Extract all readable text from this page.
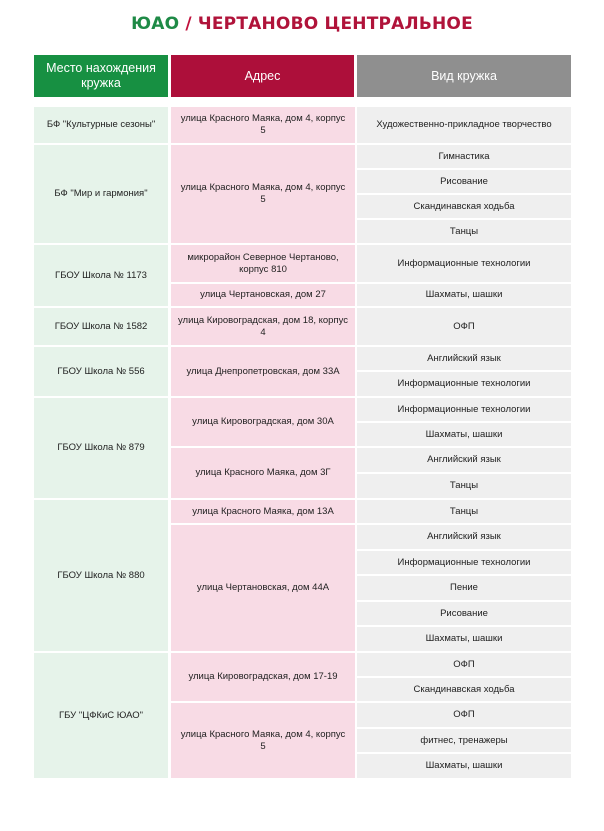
ЮАО / ЧЕРТАНОВО ЦЕНТРАЛЬНОЕ
Место нахождения кружка
Адрес	Вид кружка
БФ "Культурные сезоны"
БФ "Мир и гармония"
ГБОУ Школа № 1173
ГБОУ Школа № 1582
ГБОУ Школа № 556
ГБОУ Школа № 879
ГБОУ Школа № 880
ГБУ "ЦФКиС ЮАО"
улица Красного Маяка, дом 4, корпус 5
улица Красного Маяка, дом 4, корпус 5
микрорайон Северное Чертаново, корпус 810
улица Чертановская, дом 27
улица Кировоградская, дом 18, корпус 4
улица Днепропетровская, дом 33А
улица Кировоградская, дом 30А
улица Красного Маяка, дом 3Г
улица Красного Маяка, дом 13А
улица Чертановская, дом 44А
улица Кировоградская, дом 17-19
улица Красного Маяка, дом 4, корпус 5
Художественно-прикладное творчество
Гимнастика
Рисование
Скандинавская ходьба
Танцы
Информационные технологии
Шахматы, шашки
ОФП
Английский язык
Информационные технологии
Информационные технологии
Шахматы, шашки
Английский язык
Танцы
Танцы
Английский язык
Информационные технологии
Пение
Рисование
Шахматы, шашки
ОФП
Скандинавская ходьба
ОФП
фитнес, тренажеры
Шахматы, шашки
